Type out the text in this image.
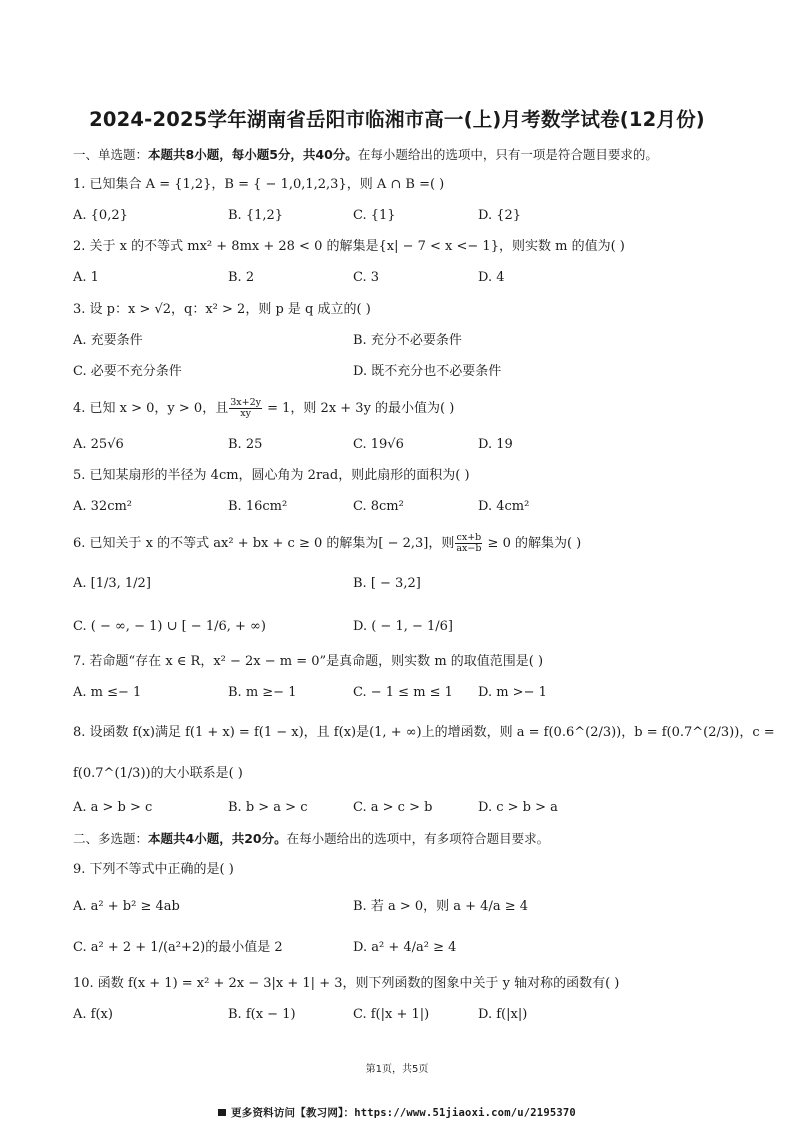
2024-2025学年湖南省岳阳市临湘市高一(上)月考数学试卷(12月份)
一、单选题：本题共8小题，每小题5分，共40分。在每小题给出的选项中，只有一项是符合题目要求的。
1. 已知集合 A = {1,2}，B = { − 1,0,1,2,3}，则 A ∩ B =( )
A. {0,2}	B. {1,2}	C. {1}	D. {2}
2. 关于 x 的不等式 mx² + 8mx + 28 < 0 的解集是{x| − 7 < x <− 1}，则实数 m 的值为( )
A. 1	B. 2	C. 3	D. 4
3. 设 p：x > √2，q：x² > 2，则 p 是 q 成立的( )
A. 充要条件	B. 充分不必要条件
C. 必要不充分条件	D. 既不充分也不必要条件
4. 已知 x > 0，y > 0，且 $\frac{3x+2y}{xy} = 1$，则 2x + 3y 的最小值为( )
A. 25√6	B. 25	C. 19√6	D. 19
5. 已知某扇形的半径为 4cm，圆心角为 2rad，则此扇形的面积为( )
A. 32cm²	B. 16cm²	C. 8cm²	D. 4cm²
6. 已知关于 x 的不等式 ax² + bx + c ≥ 0 的解集为[ − 2,3]，则 $\frac{cx+b}{ax-b} \ge 0$ 的解集为( )
A. [1/3, 1/2]	B. [ − 3,2]
C. ( − ∞, − 1) ∪ [ − 1/6, + ∞)	D. ( − 1, − 1/6]
7. 若命题“存在 x ∈ R，x² − 2x − m = 0”是真命题，则实数 m 的取值范围是( )
A. m ≤− 1	B. m ≥− 1	C. − 1 ≤ m ≤ 1 D. m >− 1
8. 设函数 f(x)满足 f(1 + x) = f(1 − x)，且 f(x)是(1, + ∞)上的增函数，则 a = f(0.6^(2/3))，b = f(0.7^(2/3))，c =
f(0.7^(1/3))的大小联系是( )
A. a > b > c	B. b > a > c	C. a > c > b	D. c > b > a
二、多选题：本题共4小题，共20分。在每小题给出的选项中，有多项符合题目要求。
9. 下列不等式中正确的是( )
A. a² + b² ≥ 4ab	B. 若 a > 0，则 a + 4/a ≥ 4
C. a² + 2 + 1/(a²+2)的最小值是 2	D. a² + 4/a² ≥ 4
10. 函数 f(x + 1) = x² + 2x − 3|x + 1| + 3，则下列函数的图象中关于 y 轴对称的函数有( )
A. f(x)	B. f(x − 1)	C. f(|x + 1|)	D. f(|x|)
第1页，共5页
更多资料访问【教习网】：https://www.51jiaoxi.com/u/2195370
